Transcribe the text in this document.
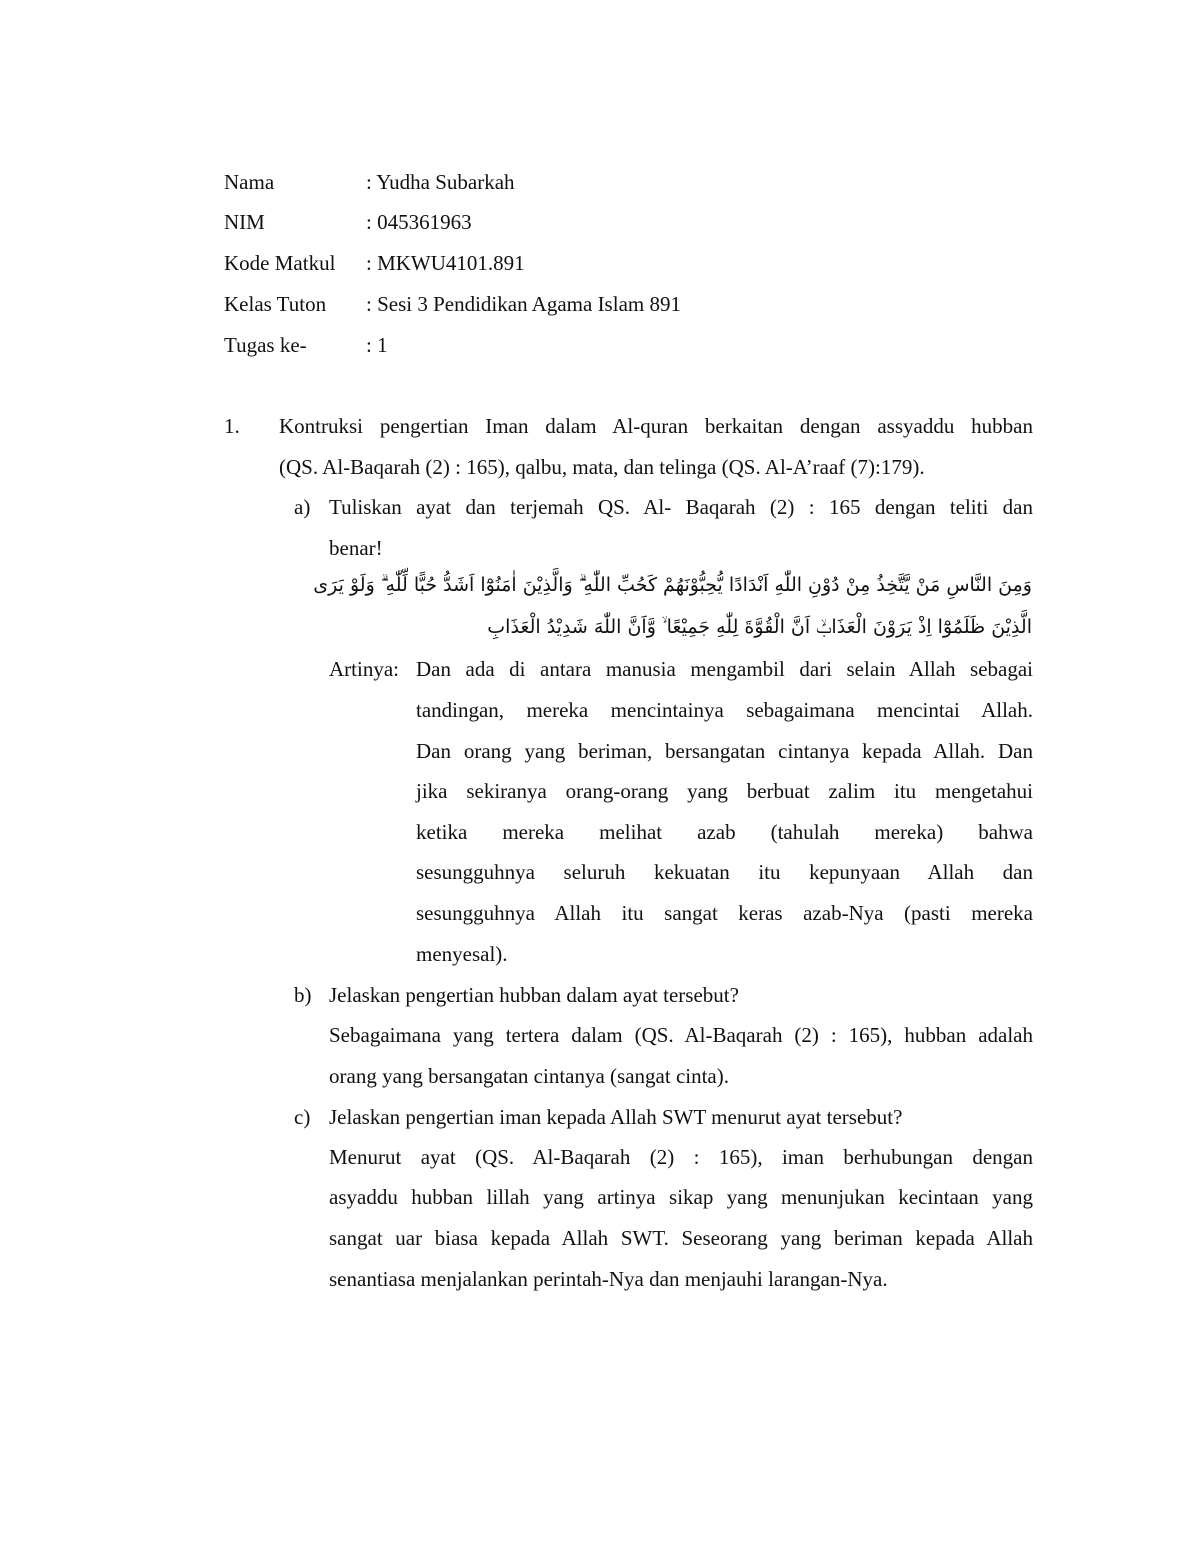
Nama	: Yudha Subarkah
NIM	: 045361963
Kode Matkul : MKWU4101.891
Kelas Tuton : Sesi 3 Pendidikan Agama Islam 891
Tugas ke-	: 1
1. Kontruksi pengertian Iman dalam Al-quran berkaitan dengan assyaddu hubban
(QS. Al-Baqarah (2) : 165), qalbu, mata, dan telinga (QS. Al-A’raaf (7):179).
a) Tuliskan ayat dan terjemah QS. Al- Baqarah (2) : 165 dengan teliti dan
benar!
وَمِنَ النَّاسِ مَنْ يَّتَّخِذُ مِنْ دُوْنِ اللّٰهِ اَنْدَادًا يُّحِبُّوْنَهُمْ كَحُبِّ اللّٰهِ ۗ وَالَّذِيْنَ اٰمَنُوْٓا اَشَدُّ حُبًّا لِّلّٰهِ ۗ وَلَوْ يَرَى
الَّذِيْنَ ظَلَمُوْٓا اِذْ يَرَوْنَ الْعَذَابَۙ اَنَّ الْقُوَّةَ لِلّٰهِ جَمِيْعًا ۙ وَّاَنَّ اللّٰهَ شَدِيْدُ الْعَذَابِ
Artinya: Dan ada di antara manusia mengambil dari selain Allah sebagai
tandingan, mereka mencintainya sebagaimana mencintai Allah.
Dan orang yang beriman, bersangatan cintanya kepada Allah. Dan
jika sekiranya orang-orang yang berbuat zalim itu mengetahui
ketika mereka melihat azab (tahulah mereka) bahwa
sesungguhnya seluruh kekuatan itu kepunyaan Allah dan
sesungguhnya Allah itu sangat keras azab-Nya (pasti mereka
menyesal).
b) Jelaskan pengertian hubban dalam ayat tersebut?
Sebagaimana yang tertera dalam (QS. Al-Baqarah (2) : 165), hubban adalah
orang yang bersangatan cintanya (sangat cinta).
c) Jelaskan pengertian iman kepada Allah SWT menurut ayat tersebut?
Menurut ayat (QS. Al-Baqarah (2) : 165), iman berhubungan dengan
asyaddu hubban lillah yang artinya sikap yang menunjukan kecintaan yang
sangat uar biasa kepada Allah SWT. Seseorang yang beriman kepada Allah
senantiasa menjalankan perintah-Nya dan menjauhi larangan-Nya.
